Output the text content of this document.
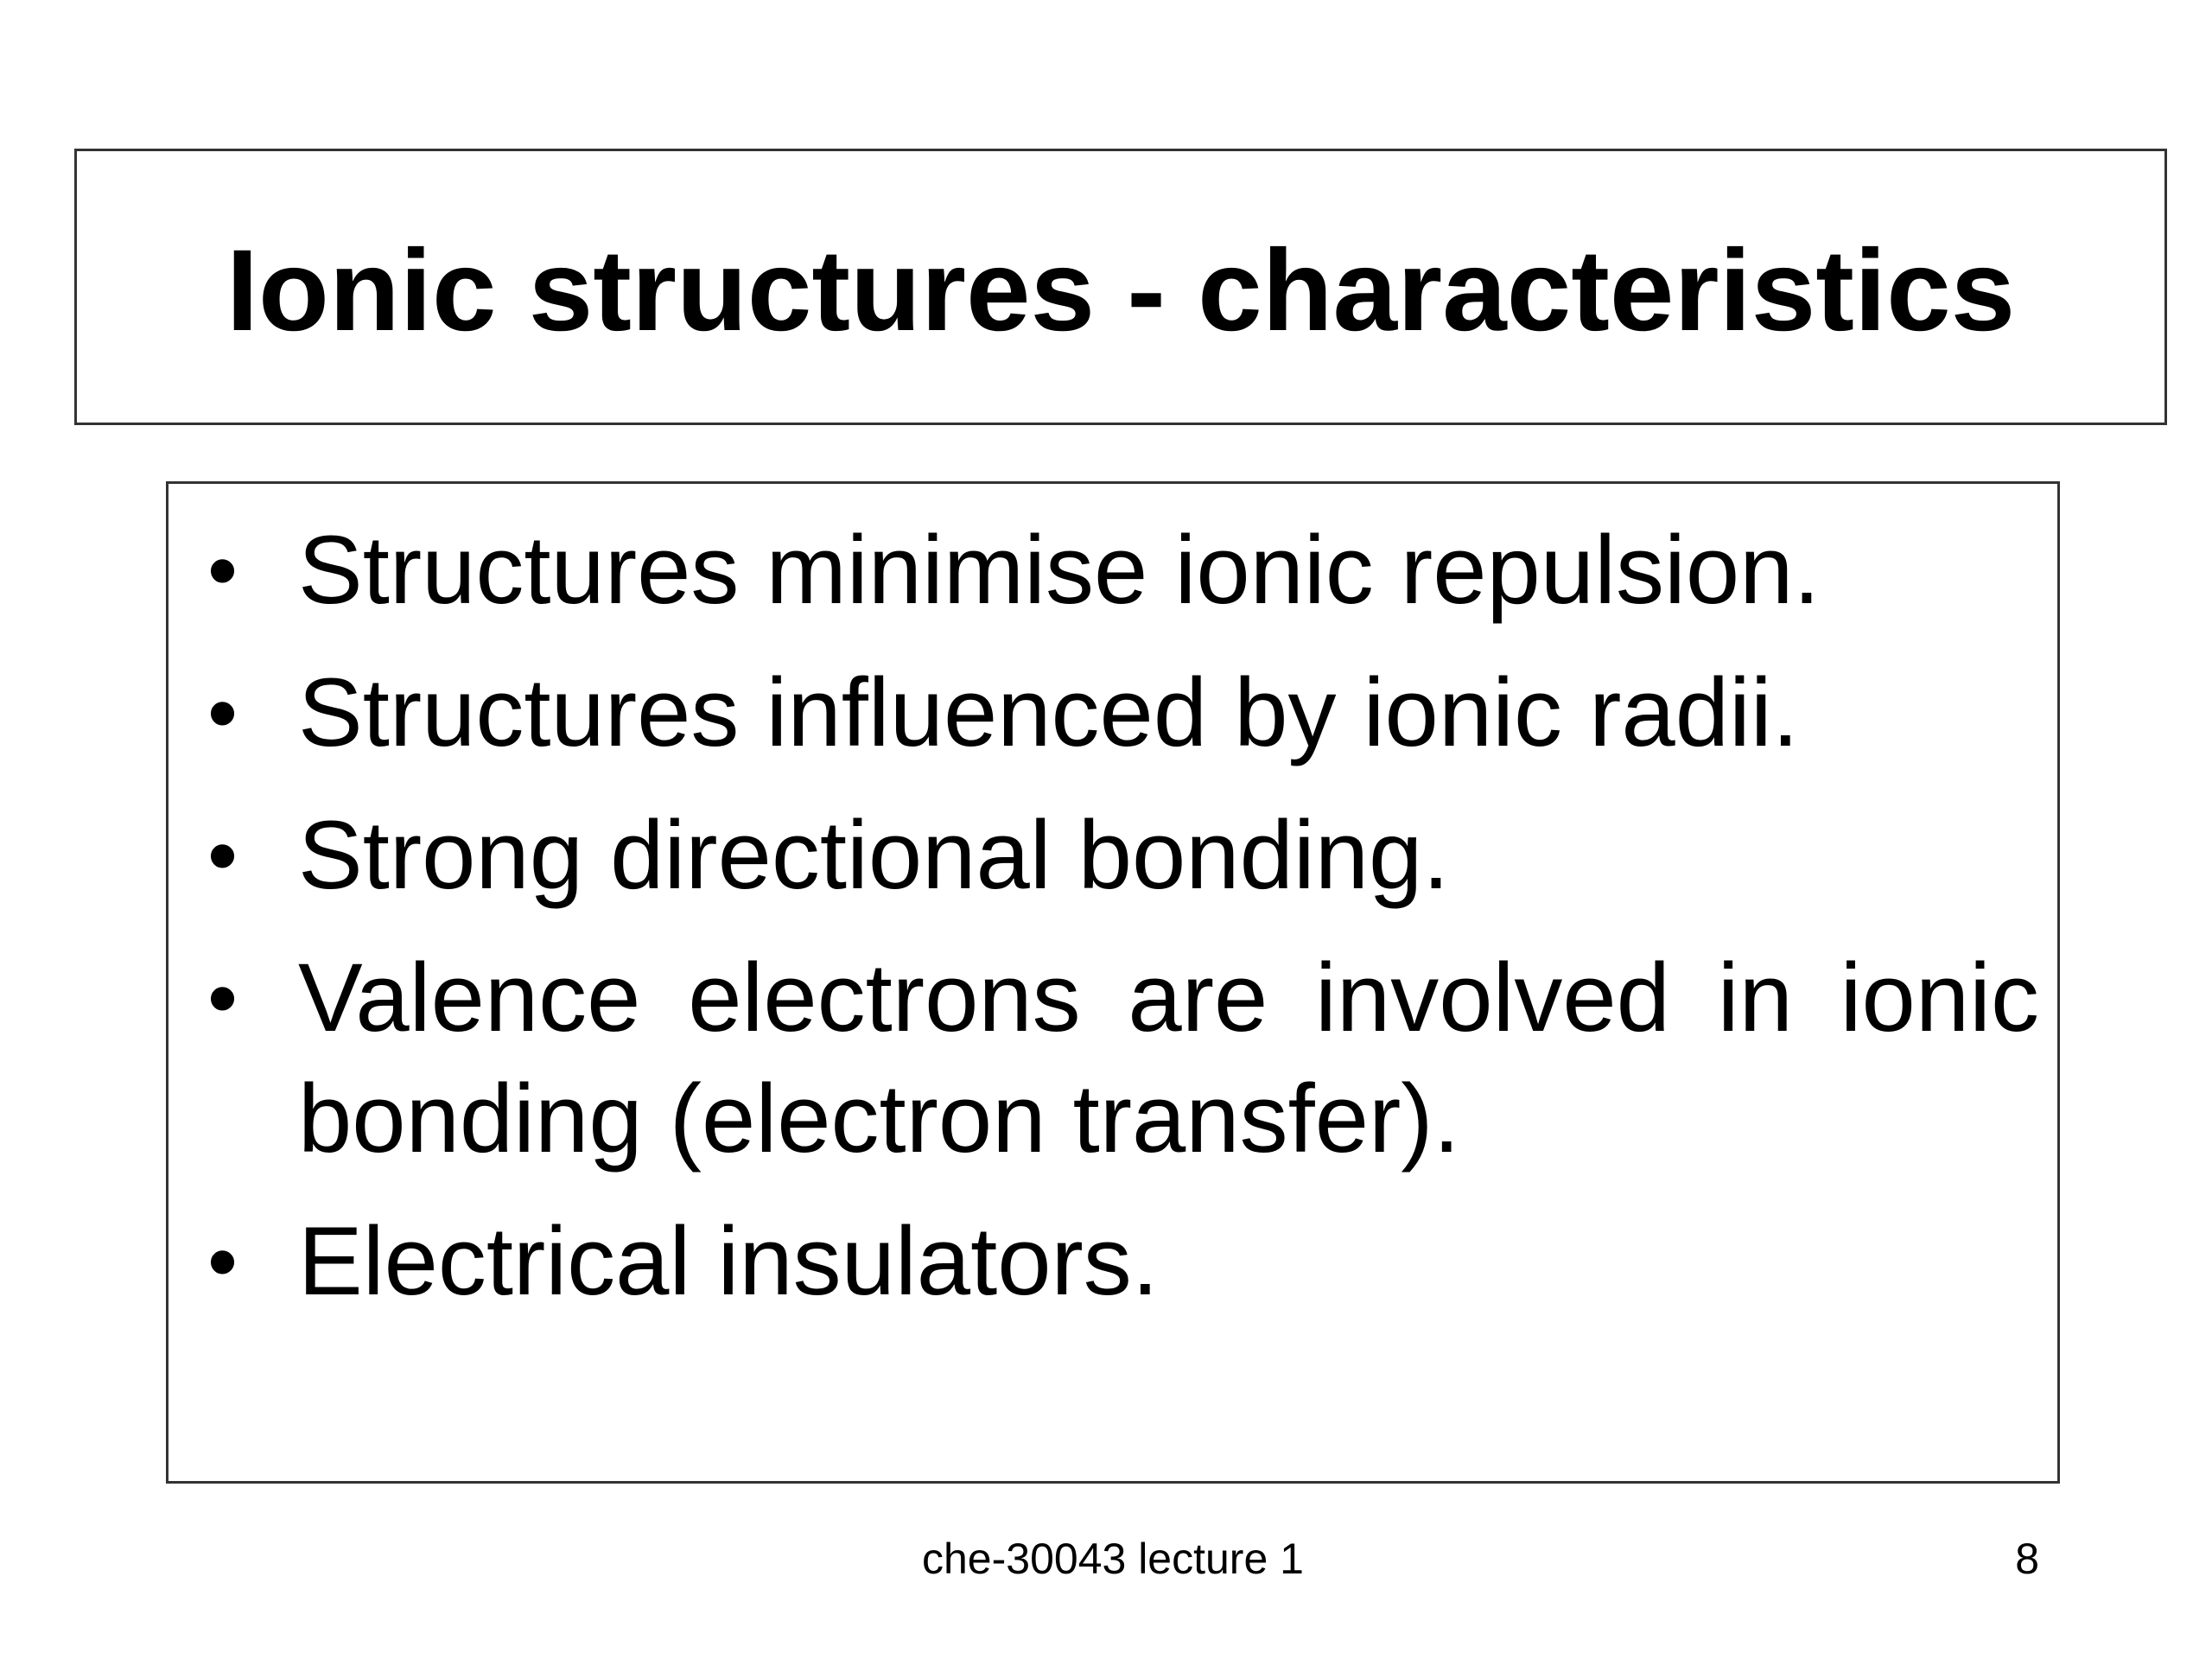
Ionic structures - characteristics
• Structures minimise ionic repulsion.
• Structures influenced by ionic radii.
• Strong directional bonding.
• Valence electrons are involved in ionic bonding (electron transfer).
• Electrical insulators.
che-30043 lecture 1	8
